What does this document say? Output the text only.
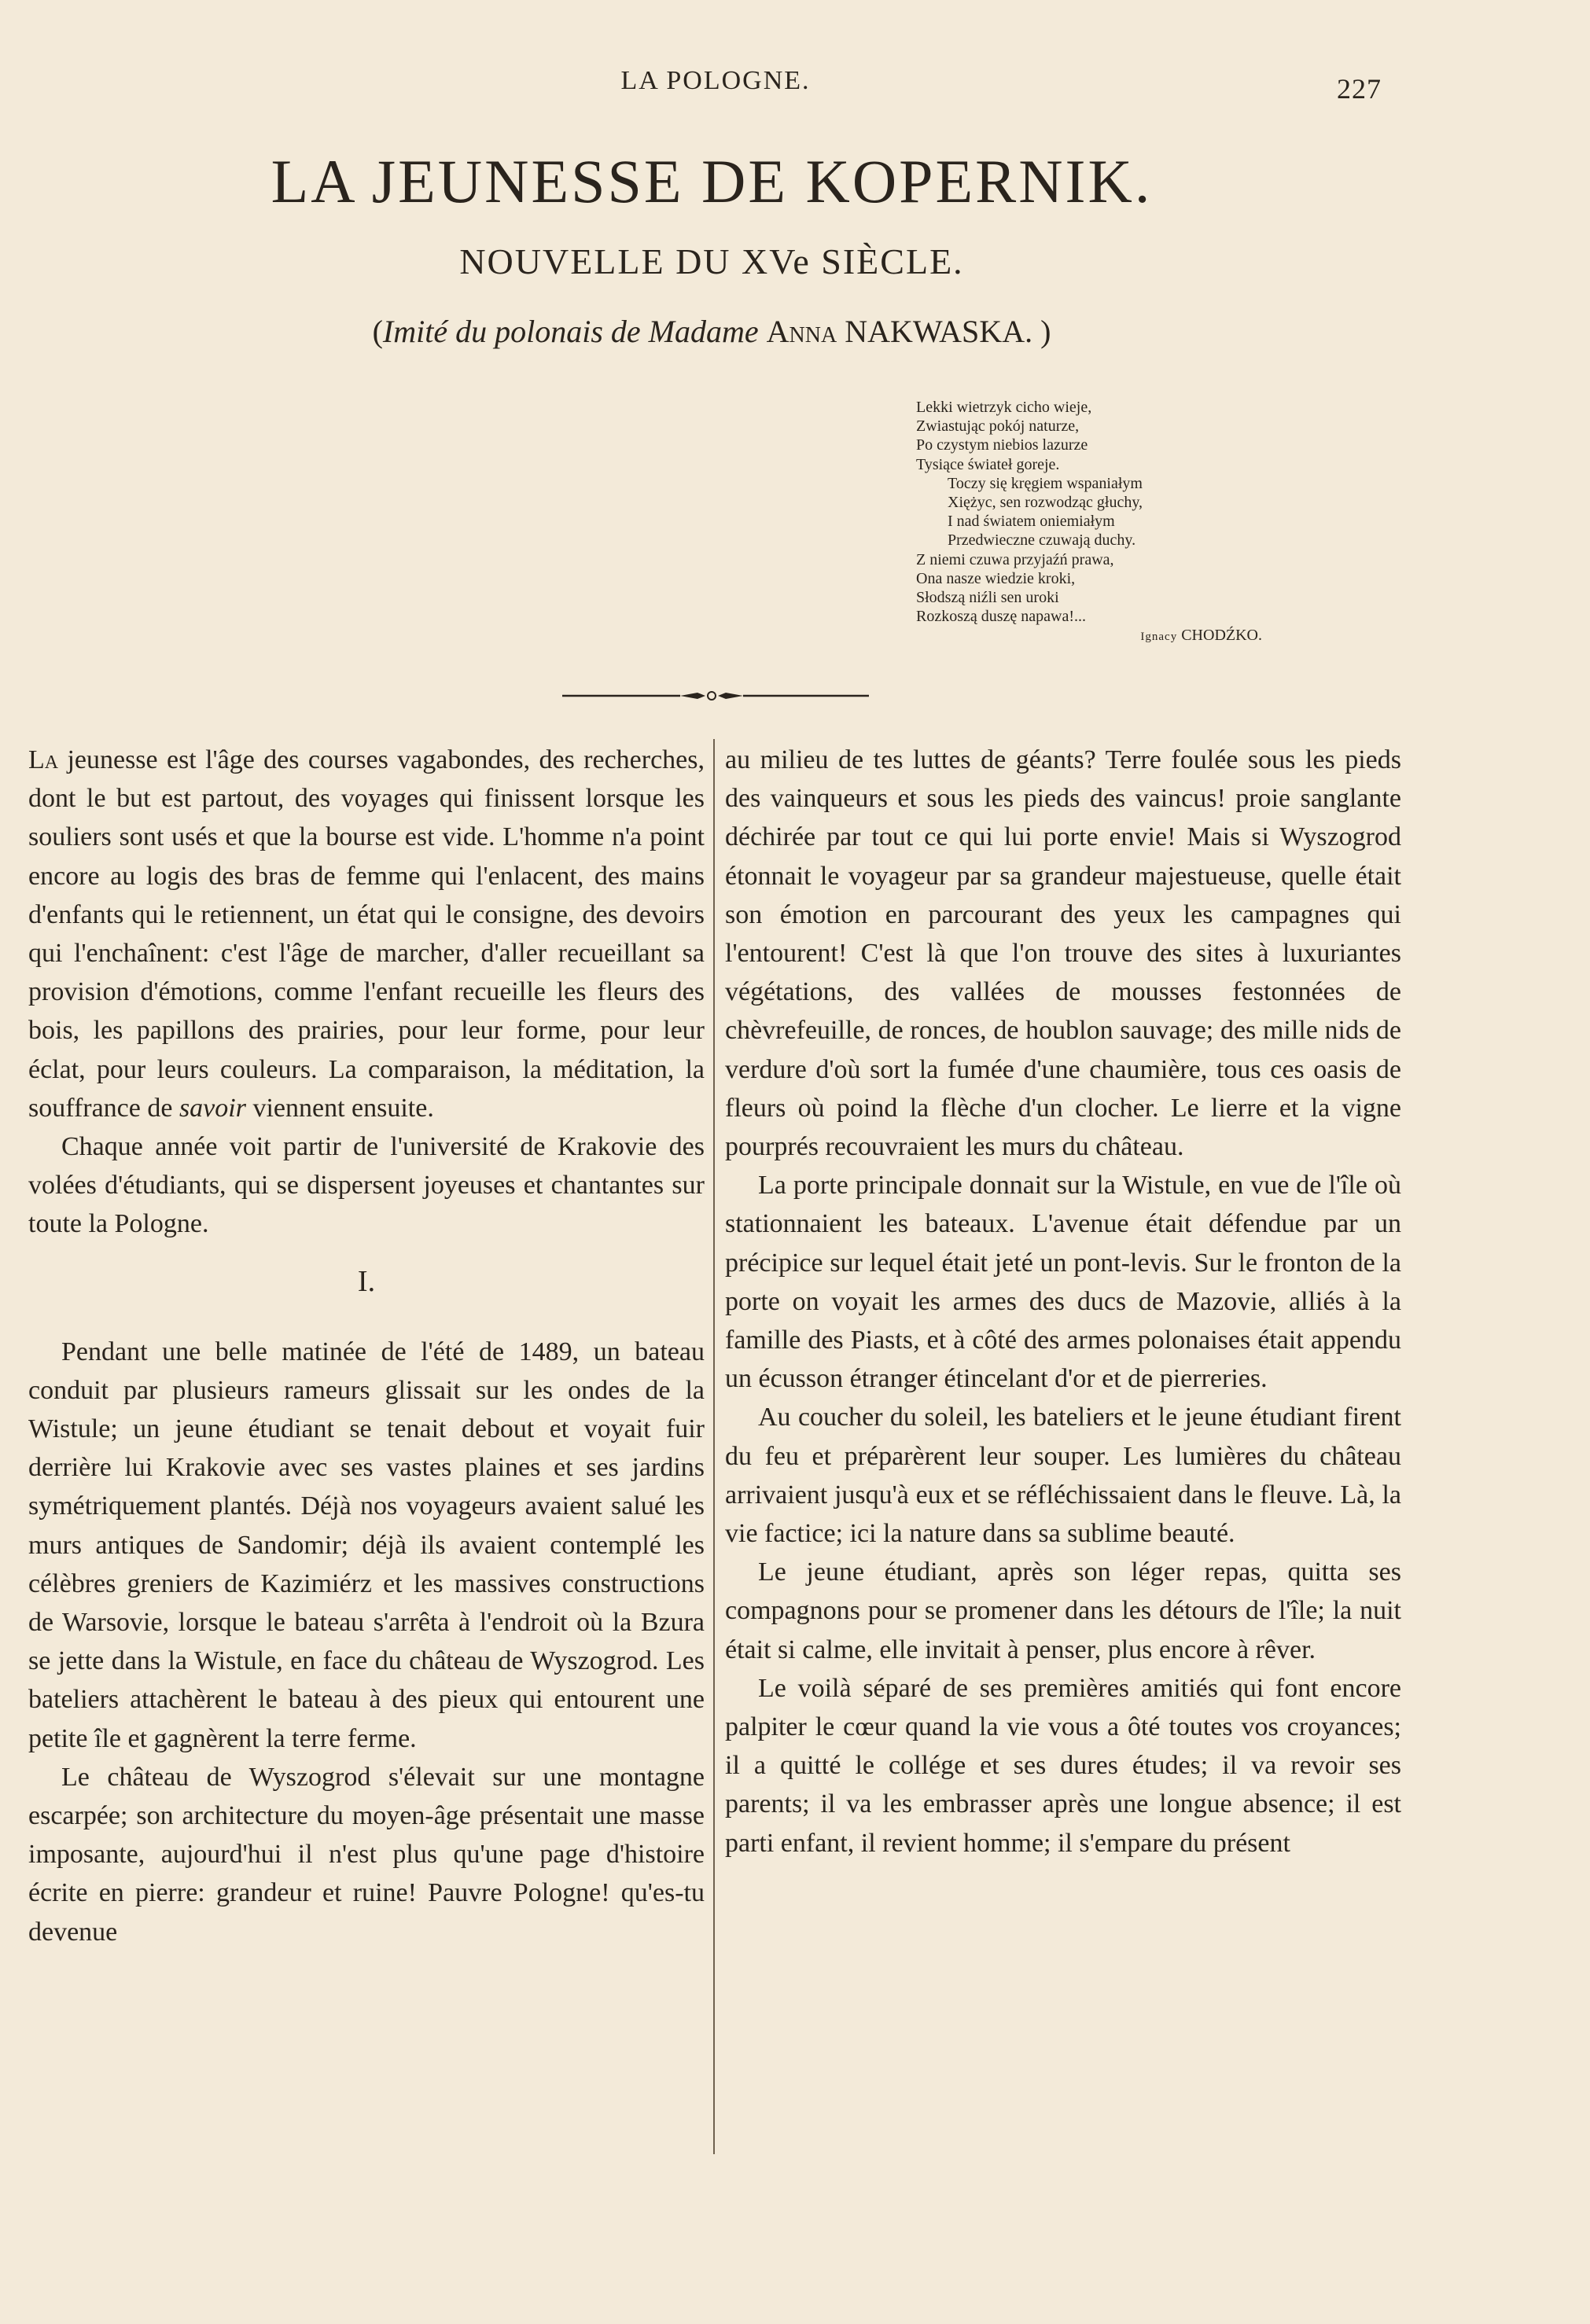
LA POLOGNE.	227
LA JEUNESSE DE KOPERNIK.
NOUVELLE DU XVe SIÈCLE.
(Imité du polonais de Madame Anna NAKWASKA. )
Lekki wietrzyk cicho wieje,
Zwiastując pokój naturze,
Po czystym niebios lazurze
Tysiące świateł goreje.
Toczy się kręgiem wspaniałym
Xiężyc, sen rozwodząc głuchy,
I nad światem oniemiałym
Przedwieczne czuwają duchy.
Z niemi czuwa przyjaźń prawa,
Ona nasze wiedzie kroki,
Słodszą niźli sen uroki
Rozkoszą duszę napawa!...
Ignacy CHODŹKO.

La jeunesse est l'âge des courses vagabondes, des recherches, dont le but est partout, des voyages qui finissent lorsque les souliers sont usés et que la bourse est vide. L'homme n'a point encore au logis des bras de femme qui l'enlacent, des mains d'enfants qui le retiennent, un état qui le consigne, des devoirs qui l'enchaînent: c'est l'âge de marcher, d'aller recueillant sa provision d'émotions, comme l'enfant recueille les fleurs des bois, les papillons des prairies, pour leur forme, pour leur éclat, pour leurs couleurs. La comparaison, la méditation, la souffrance de savoir viennent ensuite.

Chaque année voit partir de l'université de Krakovie des volées d'étudiants, qui se dispersent joyeuses et chantantes sur toute la Pologne.

I.

Pendant une belle matinée de l'été de 1489, un bateau conduit par plusieurs rameurs glissait sur les ondes de la Wistule; un jeune étudiant se tenait debout et voyait fuir derrière lui Krakovie avec ses vastes plaines et ses jardins symétriquement plantés. Déjà nos voyageurs avaient salué les murs antiques de Sandomir; déjà ils avaient contemplé les célèbres greniers de Kazimiérz et les massives constructions de Warsovie, lorsque le bateau s'arrêta à l'endroit où la Bzura se jette dans la Wistule, en face du château de Wyszogrod. Les bateliers attachèrent le bateau à des pieux qui entourent une petite île et gagnèrent la terre ferme.

Le château de Wyszogrod s'élevait sur une montagne escarpée; son architecture du moyen-âge présentait une masse imposante, aujourd'hui il n'est plus qu'une page d'histoire écrite en pierre: grandeur et ruine! Pauvre Pologne! qu'es-tu devenue

au milieu de tes luttes de géants? Terre foulée sous les pieds des vainqueurs et sous les pieds des vaincus! proie sanglante déchirée par tout ce qui lui porte envie! Mais si Wyszogrod étonnait le voyageur par sa grandeur majestueuse, quelle était son émotion en parcourant des yeux les campagnes qui l'entourent! C'est là que l'on trouve des sites à luxuriantes végétations, des vallées de mousses festonnées de chèvrefeuille, de ronces, de houblon sauvage; des mille nids de verdure d'où sort la fumée d'une chaumière, tous ces oasis de fleurs où poind la flèche d'un clocher. Le lierre et la vigne pourprés recouvraient les murs du château.

La porte principale donnait sur la Wistule, en vue de l'île où stationnaient les bateaux. L'avenue était défendue par un précipice sur lequel était jeté un pont-levis. Sur le fronton de la porte on voyait les armes des ducs de Mazovie, alliés à la famille des Piasts, et à côté des armes polonaises était appendu un écusson étranger étincelant d'or et de pierreries.

Au coucher du soleil, les bateliers et le jeune étudiant firent du feu et préparèrent leur souper. Les lumières du château arrivaient jusqu'à eux et se réfléchissaient dans le fleuve. Là, la vie factice; ici la nature dans sa sublime beauté.

Le jeune étudiant, après son léger repas, quitta ses compagnons pour se promener dans les détours de l'île; la nuit était si calme, elle invitait à penser, plus encore à rêver.

Le voilà séparé de ses premières amitiés qui font encore palpiter le cœur quand la vie vous a ôté toutes vos croyances; il a quitté le collége et ses dures études; il va revoir ses parents; il va les embrasser après une longue absence; il est parti enfant, il revient homme; il s'empare du présent
